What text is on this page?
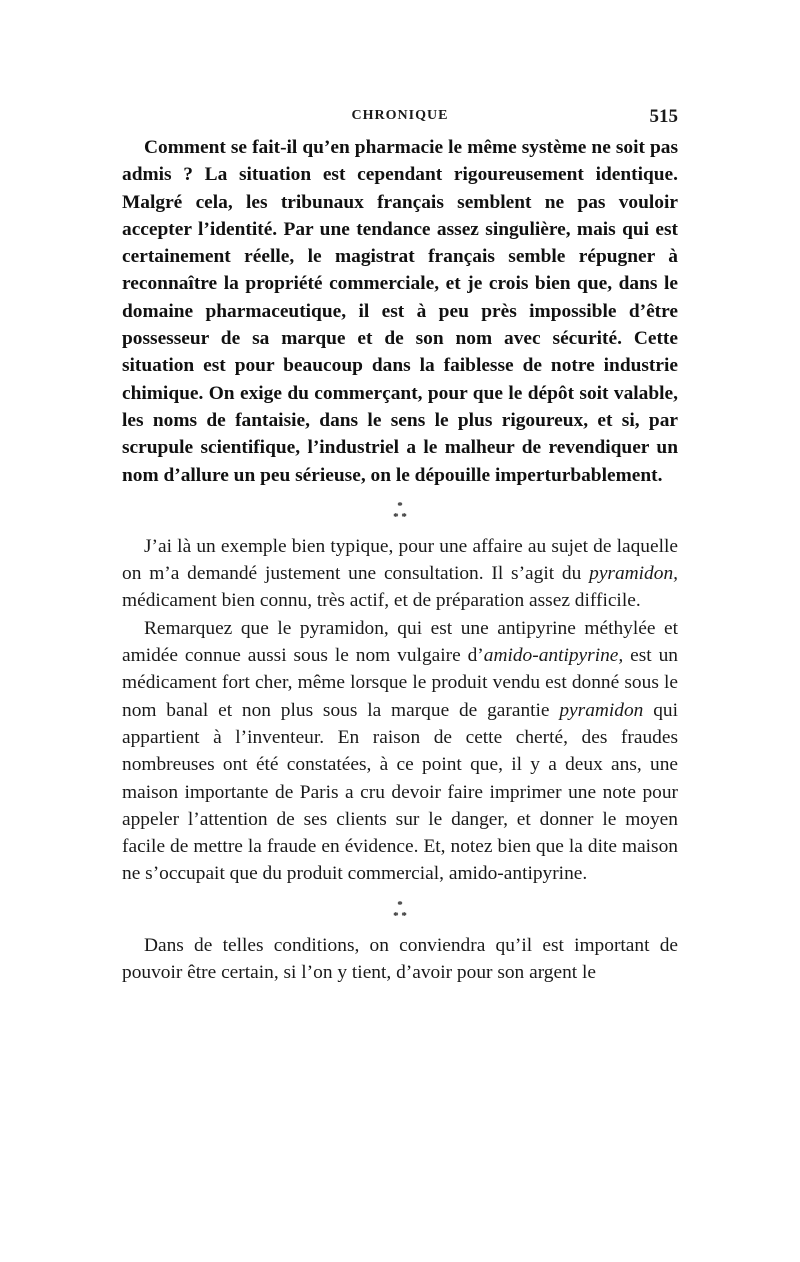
CHRONIQUE	515

Comment se fait-il qu’en pharmacie le même système ne soit pas admis ? La situation est cependant rigoureusement identique. Malgré cela, les tribunaux français semblent ne pas vouloir accepter l’identité. Par une tendance assez singulière, mais qui est certainement réelle, le magistrat français semble répugner à reconnaître la propriété commerciale, et je crois bien que, dans le domaine pharmaceutique, il est à peu près impossible d’être possesseur de sa marque et de son nom avec sécurité. Cette situation est pour beaucoup dans la faiblesse de notre industrie chimique. On exige du commerçant, pour que le dépôt soit valable, les noms de fantaisie, dans le sens le plus rigoureux, et si, par scrupule scientifique, l’industriel a le malheur de revendiquer un nom d’allure un peu sérieuse, on le dépouille imperturbablement.

*
* *

J’ai là un exemple bien typique, pour une affaire au sujet de laquelle on m’a demandé justement une consultation. Il s’agit du pyramidon, médicament bien connu, très actif, et de préparation assez difficile.

Remarquez que le pyramidon, qui est une antipyrine méthylée et amidée connue aussi sous le nom vulgaire d’amido-antipyrine, est un médicament fort cher, même lorsque le produit vendu est donné sous le nom banal et non plus sous la marque de garantie pyramidon qui appartient à l’inventeur. En raison de cette cherté, des fraudes nombreuses ont été constatées, à ce point que, il y a deux ans, une maison importante de Paris a cru devoir faire imprimer une note pour appeler l’attention de ses clients sur le danger, et donner le moyen facile de mettre la fraude en évidence. Et, notez bien que la dite maison ne s’occupait que du produit commercial, amido-antipyrine.

*
* *

Dans de telles conditions, on conviendra qu’il est important de pouvoir être certain, si l’on y tient, d’avoir pour son argent le
